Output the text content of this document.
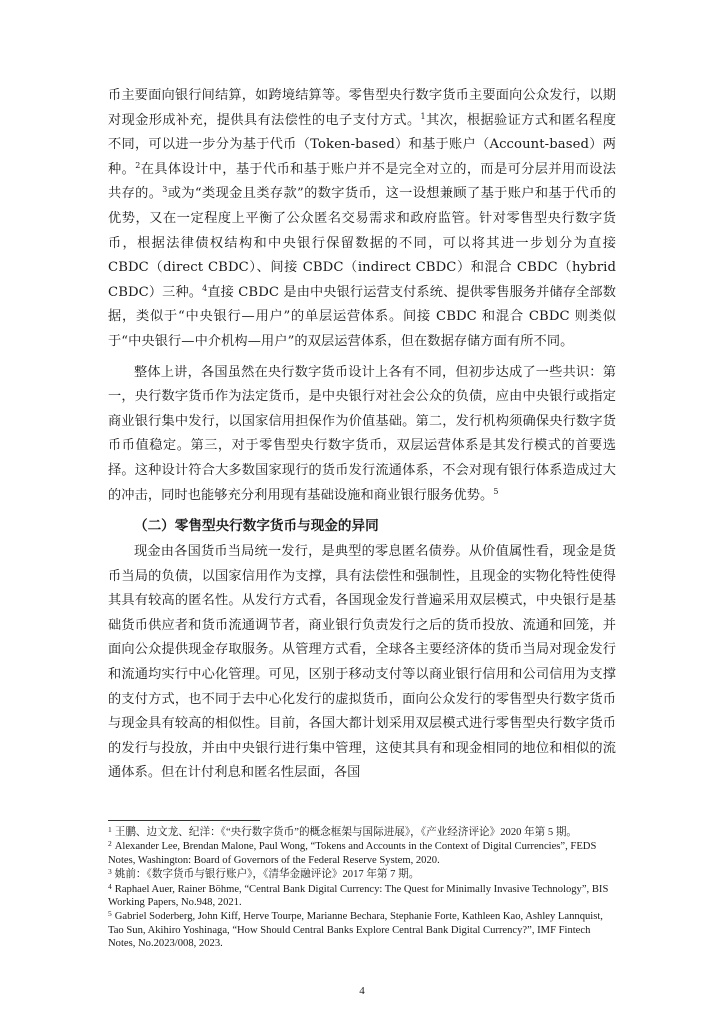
币主要面向银行间结算，如跨境结算等。零售型央行数字货币主要面向公众发行，以期对现金形成补充，提供具有法偿性的电子支付方式。$^1$其次，根据验证方式和匿名程度不同，可以进一步分为基于代币（Token-based）和基于账户（Account-based）两种。$^2$在具体设计中，基于代币和基于账户并不是完全对立的，而是可分层并用而设法共存的。$^3$或为“类现金且类存款”的数字货币，这一设想兼顾了基于账户和基于代币的优势，又在一定程度上平衡了公众匿名交易需求和政府监管。针对零售型央行数字货币，根据法律债权结构和中央银行保留数据的不同，可以将其进一步划分为直接 CBDC（direct CBDC）、间接 CBDC（indirect CBDC）和混合 CBDC（hybrid CBDC）三种。$^4$直接 CBDC 是由中央银行运营支付系统、提供零售服务并储存全部数据，类似于“中央银行—用户”的单层运营体系。间接 CBDC 和混合 CBDC 则类似于“中央银行—中介机构—用户”的双层运营体系，但在数据存储方面有所不同。

整体上讲，各国虽然在央行数字货币设计上各有不同，但初步达成了一些共识：第一，央行数字货币作为法定货币，是中央银行对社会公众的负债，应由中央银行或指定商业银行集中发行，以国家信用担保作为价值基础。第二，发行机构须确保央行数字货币币值稳定。第三，对于零售型央行数字货币，双层运营体系是其发行模式的首要选择。这种设计符合大多数国家现行的货币发行流通体系，不会对现有银行体系造成过大的冲击，同时也能够充分利用现有基础设施和商业银行服务优势。$^5$

（二）零售型央行数字货币与现金的异同

现金由各国货币当局统一发行，是典型的零息匿名债券。从价值属性看，现金是货币当局的负债，以国家信用作为支撑，具有法偿性和强制性，且现金的实物化特性使得其具有较高的匿名性。从发行方式看，各国现金发行普遍采用双层模式，中央银行是基础货币供应者和货币流通调节者，商业银行负责发行之后的货币投放、流通和回笼，并面向公众提供现金存取服务。从管理方式看，全球各主要经济体的货币当局对现金发行和流通均实行中心化管理。可见，区别于移动支付等以商业银行信用和公司信用为支撑的支付方式，也不同于去中心化发行的虚拟货币，面向公众发行的零售型央行数字货币与现金具有较高的相似性。目前，各国大都计划采用双层模式进行零售型央行数字货币的发行与投放，并由中央银行进行集中管理，这使其具有和现金相同的地位和相似的流通体系。但在计付利息和匿名性层面，各国

$^1$ 王鹏、边文龙、纪洋：《“央行数字货币”的概念框架与国际进展》，《产业经济评论》2020 年第 5 期。

$^2$ Alexander Lee, Brendan Malone, Paul Wong, “Tokens and Accounts in the Context of Digital Currencies”, FEDS Notes, Washington: Board of Governors of the Federal Reserve System, 2020.

$^3$ 姚前：《数字货币与银行账户》，《清华金融评论》2017 年第 7 期。

$^4$ Raphael Auer, Rainer Böhme, “Central Bank Digital Currency: The Quest for Minimally Invasive Technology”, BIS Working Papers, No.948, 2021.

$^5$ Gabriel Soderberg, John Kiff, Herve Tourpe, Marianne Bechara, Stephanie Forte, Kathleen Kao, Ashley Lannquist, Tao Sun, Akihiro Yoshinaga, “How Should Central Banks Explore Central Bank Digital Currency?”, IMF Fintech Notes, No.2023/008, 2023.

4
